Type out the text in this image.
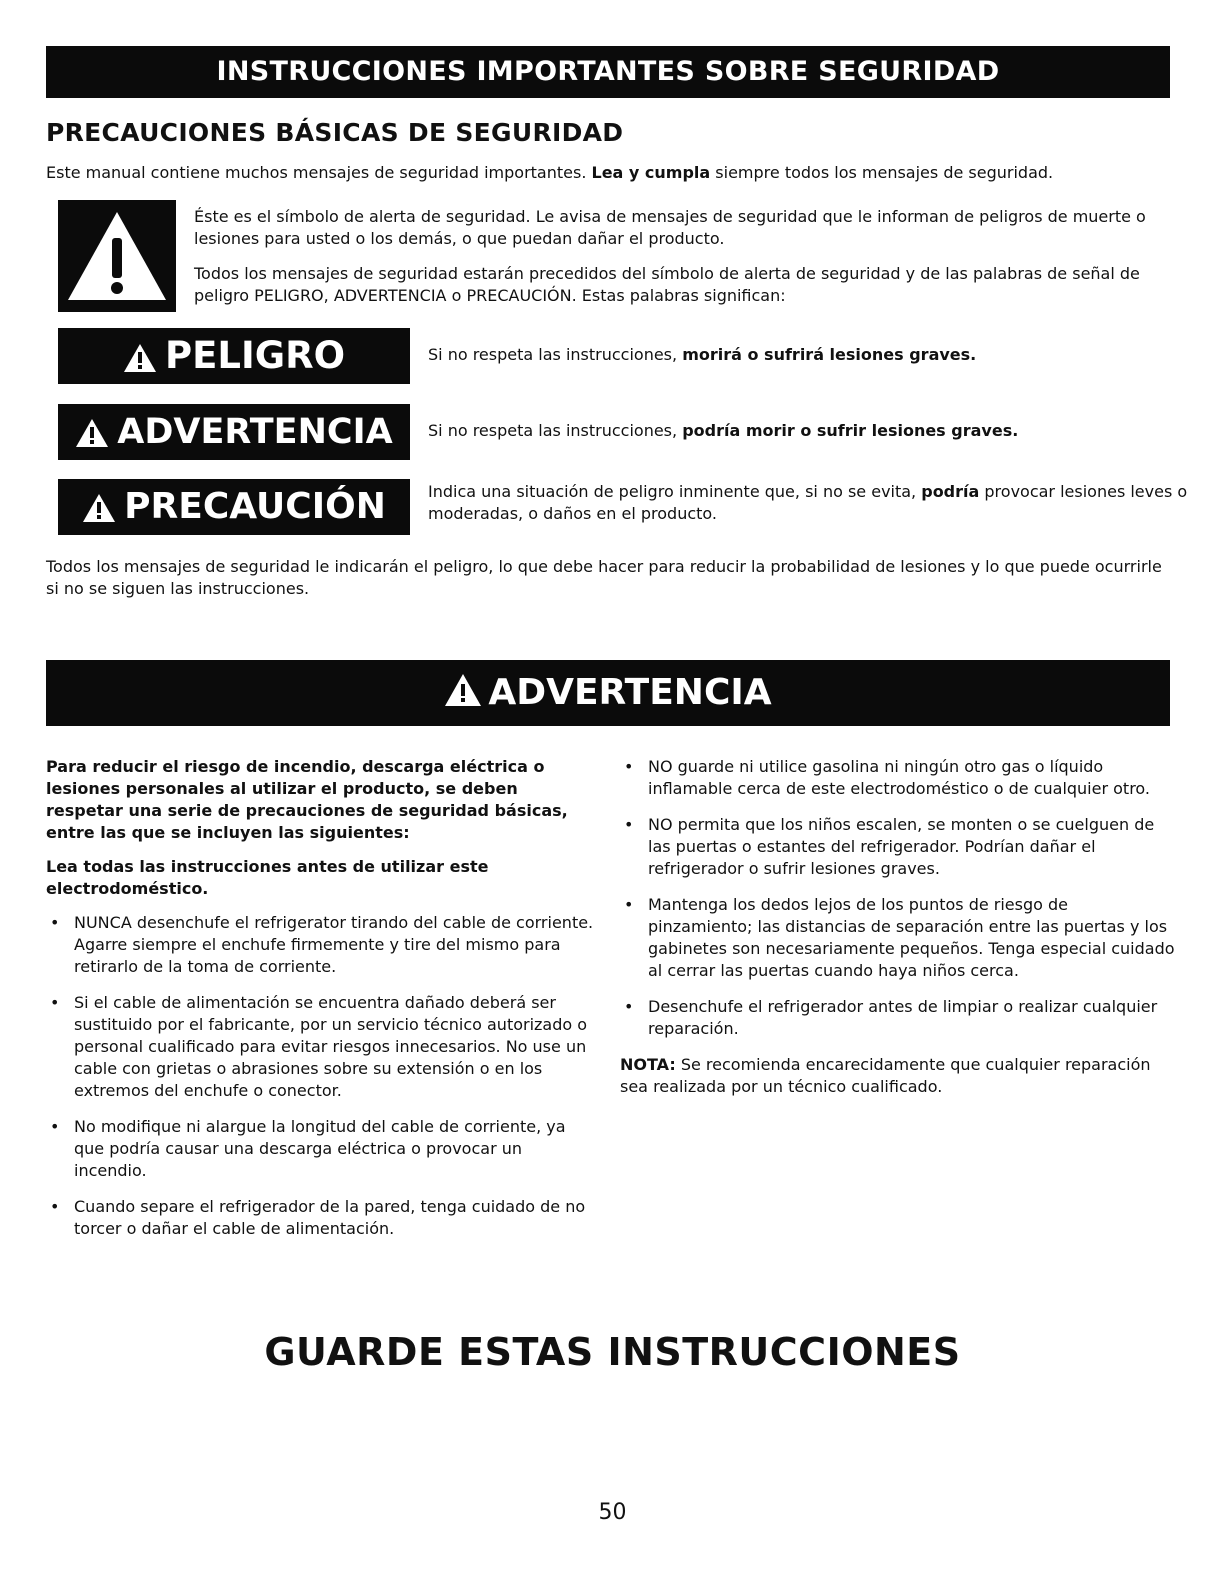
INSTRUCCIONES IMPORTANTES SOBRE SEGURIDAD
PRECAUCIONES BÁSICAS DE SEGURIDAD

Este manual contiene muchos mensajes de seguridad importantes. Lea y cumpla siempre todos los mensajes de seguridad.

Éste es el símbolo de alerta de seguridad. Le avisa de mensajes de seguridad que le informan de peligros de muerte o lesiones para usted o los demás, o que puedan dañar el producto.

Todos los mensajes de seguridad estarán precedidos del símbolo de alerta de seguridad y de las palabras de señal de peligro PELIGRO, ADVERTENCIA o PRECAUCIÓN. Estas palabras significan:

PELIGRO	Si no respeta las instrucciones, morirá o sufrirá lesiones graves.

ADVERTENCIA	Si no respeta las instrucciones, podría morir o sufrir lesiones graves.

PRECAUCIÓN	Indica una situación de peligro inminente que, si no se evita, podría provocar lesiones leves o moderadas, o daños en el producto.

Todos los mensajes de seguridad le indicarán el peligro, lo que debe hacer para reducir la probabilidad de lesiones y lo que puede ocurrirle si no se siguen las instrucciones.

ADVERTENCIA

Para reducir el riesgo de incendio, descarga eléctrica o lesiones personales al utilizar el producto, se deben respetar una serie de precauciones de seguridad básicas, entre las que se incluyen las siguientes:

Lea todas las instrucciones antes de utilizar este electrodoméstico.

• NUNCA desenchufe el refrigerator tirando del cable de corriente. Agarre siempre el enchufe firmemente y tire del mismo para retirarlo de la toma de corriente.
• Si el cable de alimentación se encuentra dañado deberá ser sustituido por el fabricante, por un servicio técnico autorizado o personal cualificado para evitar riesgos innecesarios. No use un cable con grietas o abrasiones sobre su extensión o en los extremos del enchufe o conector.
• No modifique ni alargue la longitud del cable de corriente, ya que podría causar una descarga eléctrica o provocar un incendio.
• Cuando separe el refrigerador de la pared, tenga cuidado de no torcer o dañar el cable de alimentación.
• NO guarde ni utilice gasolina ni ningún otro gas o líquido inflamable cerca de este electrodoméstico o de cualquier otro.
• NO permita que los niños escalen, se monten o se cuelguen de las puertas o estantes del refrigerador. Podrían dañar el refrigerador o sufrir lesiones graves.
• Mantenga los dedos lejos de los puntos de riesgo de pinzamiento; las distancias de separación entre las puertas y los gabinetes son necesariamente pequeños. Tenga especial cuidado al cerrar las puertas cuando haya niños cerca.
• Desenchufe el refrigerador antes de limpiar o realizar cualquier reparación.

NOTA: Se recomienda encarecidamente que cualquier reparación sea realizada por un técnico cualificado.

GUARDE ESTAS INSTRUCCIONES

50
